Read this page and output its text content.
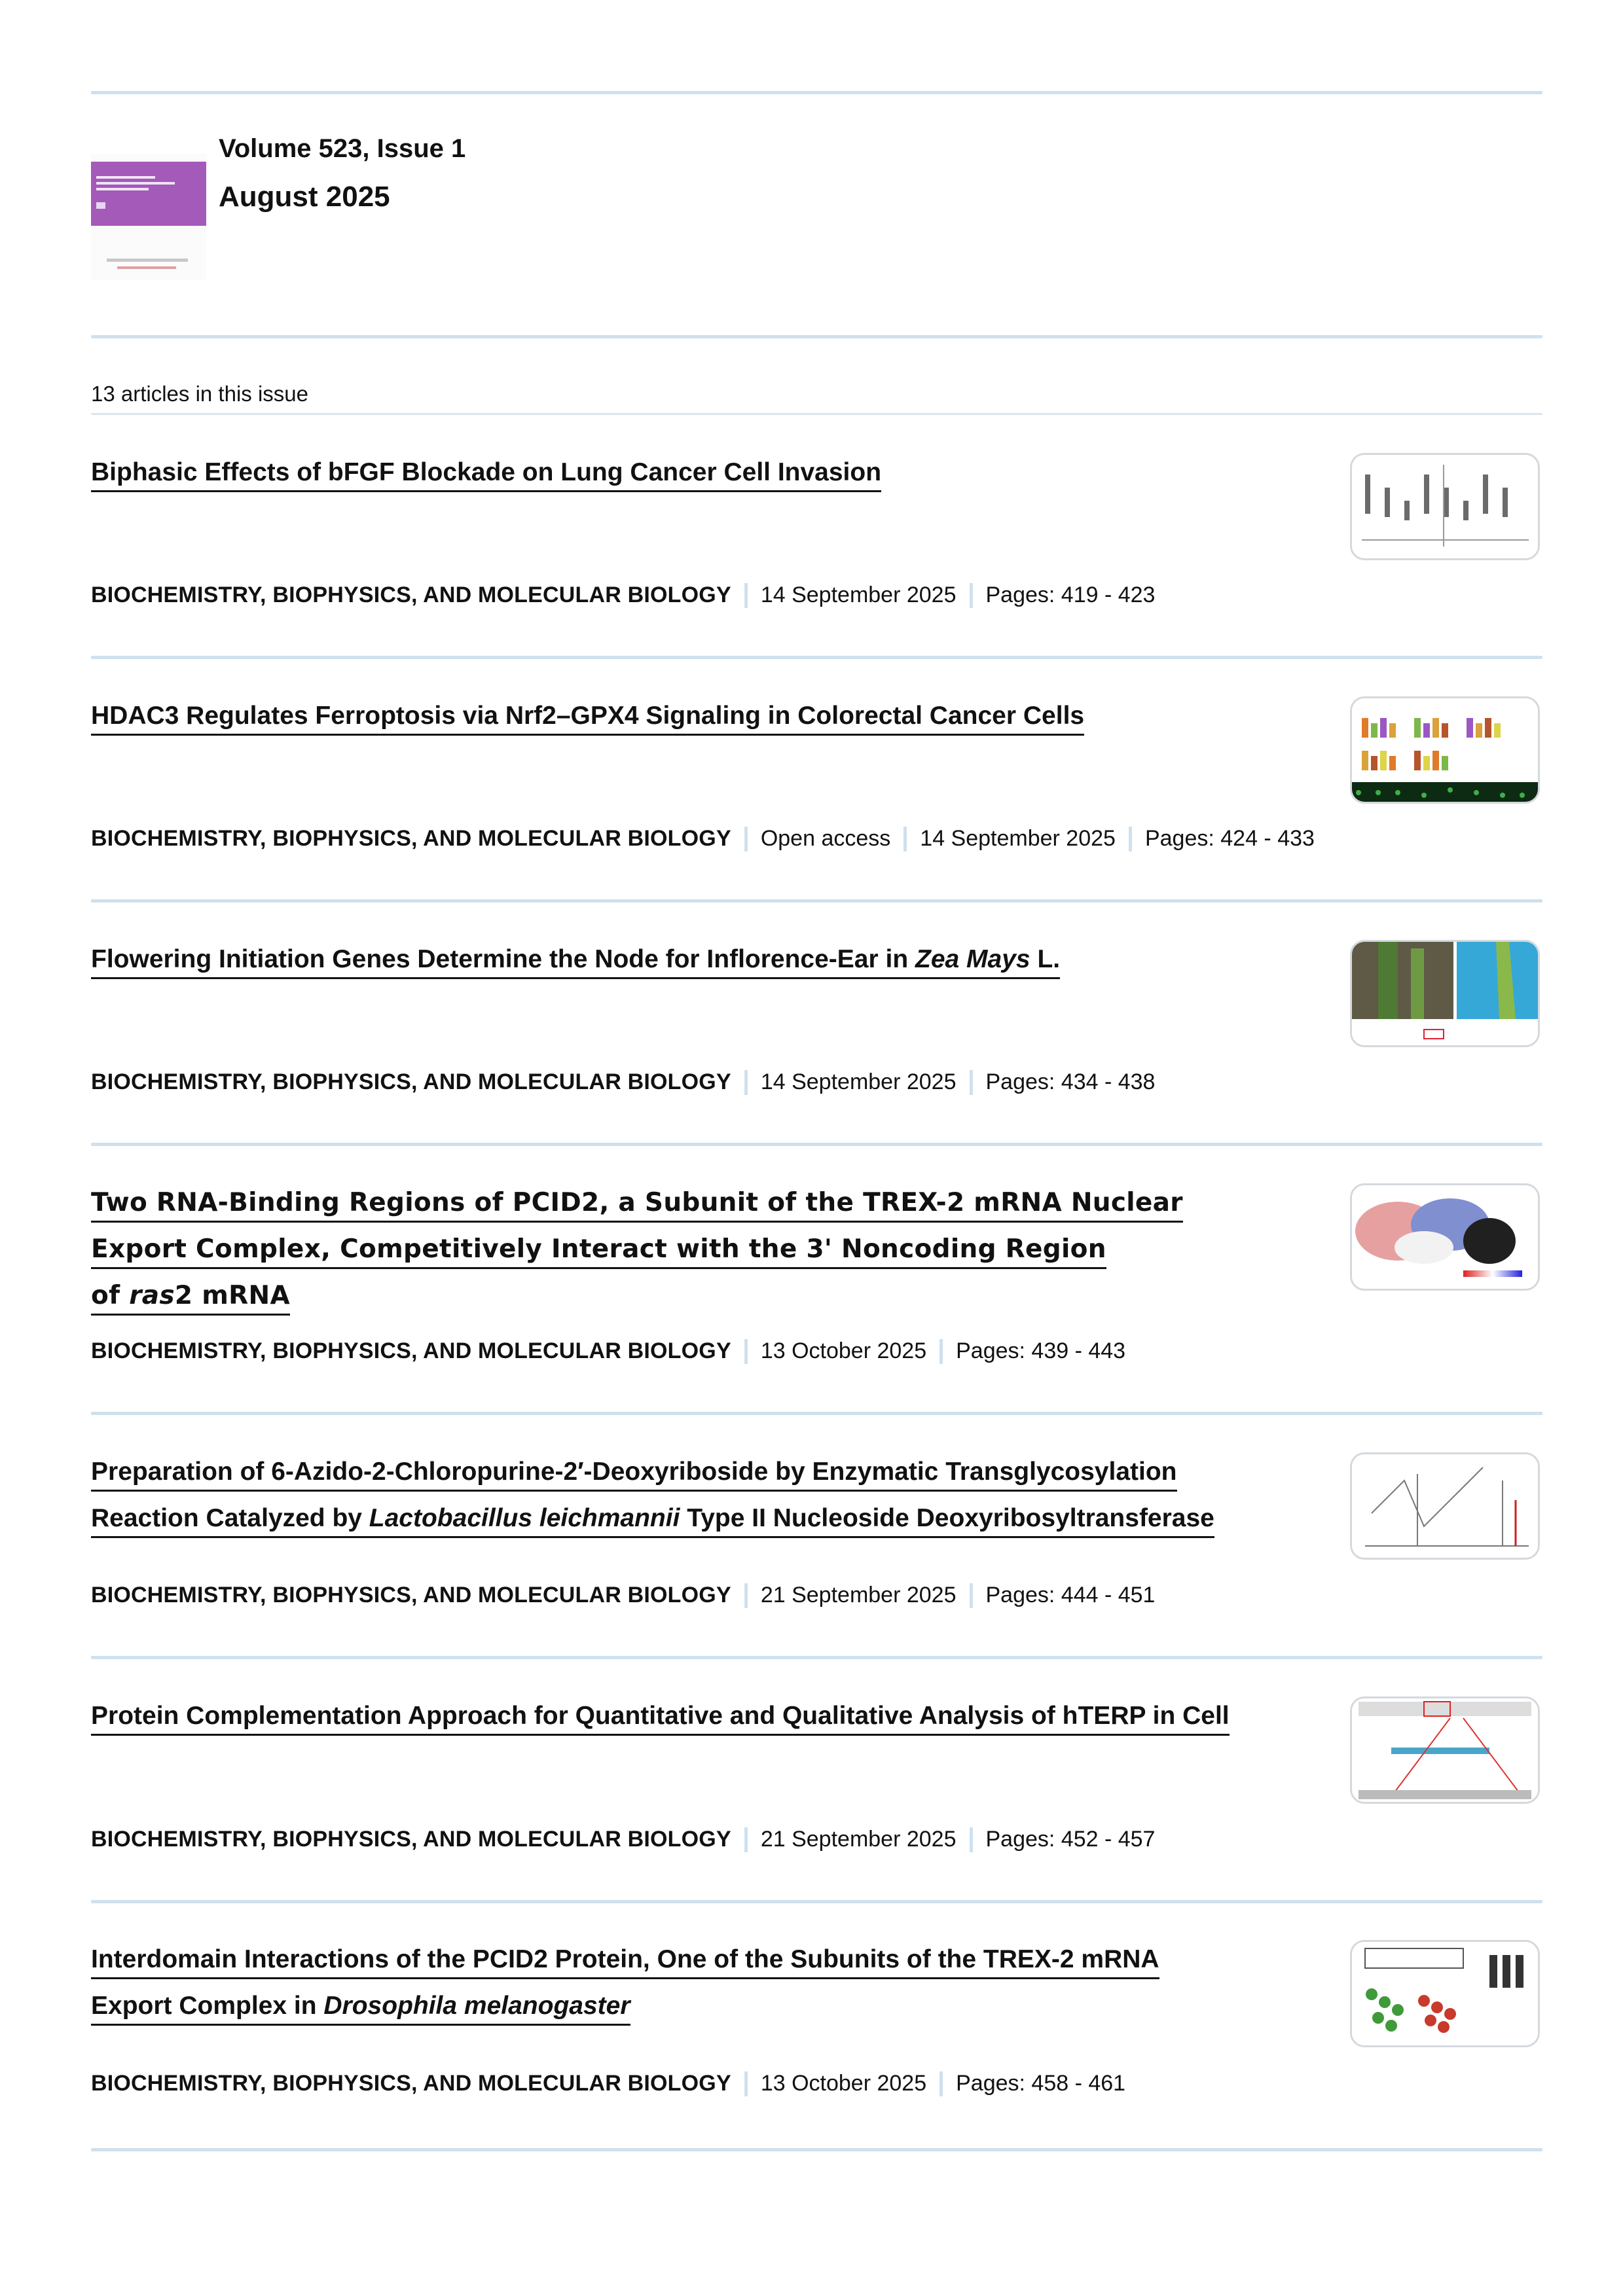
Volume 523, Issue 1
August 2025
13 articles in this issue
Biphasic Effects of bFGF Blockade on Lung Cancer Cell Invasion
BIOCHEMISTRY, BIOPHYSICS, AND MOLECULAR BIOLOGY 14 September 2025 Pages: 419 - 423
HDAC3 Regulates Ferroptosis via Nrf2–GPX4 Signaling in Colorectal Cancer Cells
BIOCHEMISTRY, BIOPHYSICS, AND MOLECULAR BIOLOGY Open access 14 September 2025 Pages: 424 - 433
Flowering Initiation Genes Determine the Node for Inflorence-Ear in Zea Mays L.
BIOCHEMISTRY, BIOPHYSICS, AND MOLECULAR BIOLOGY 14 September 2025 Pages: 434 - 438
Two RNA-Binding Regions of PCID2, a Subunit of the TREX-2 mRNA Nuclear
Export Complex, Competitively Interact with the 3' Noncoding Region
of ras2 mRNA
BIOCHEMISTRY, BIOPHYSICS, AND MOLECULAR BIOLOGY 13 October 2025 Pages: 439 - 443
Preparation of 6-Azido-2-Chloropurine-2′-Deoxyriboside by Enzymatic Transglycosylation
Reaction Catalyzed by Lactobacillus leichmannii Type II Nucleoside Deoxyribosyltransferase
BIOCHEMISTRY, BIOPHYSICS, AND MOLECULAR BIOLOGY 21 September 2025 Pages: 444 - 451
Protein Complementation Approach for Quantitative and Qualitative Analysis of hTERP in Cell
BIOCHEMISTRY, BIOPHYSICS, AND MOLECULAR BIOLOGY 21 September 2025 Pages: 452 - 457
Interdomain Interactions of the PCID2 Protein, One of the Subunits of the TREX-2 mRNA
Export Complex in Drosophila melanogaster
BIOCHEMISTRY, BIOPHYSICS, AND MOLECULAR BIOLOGY 13 October 2025 Pages: 458 - 461
